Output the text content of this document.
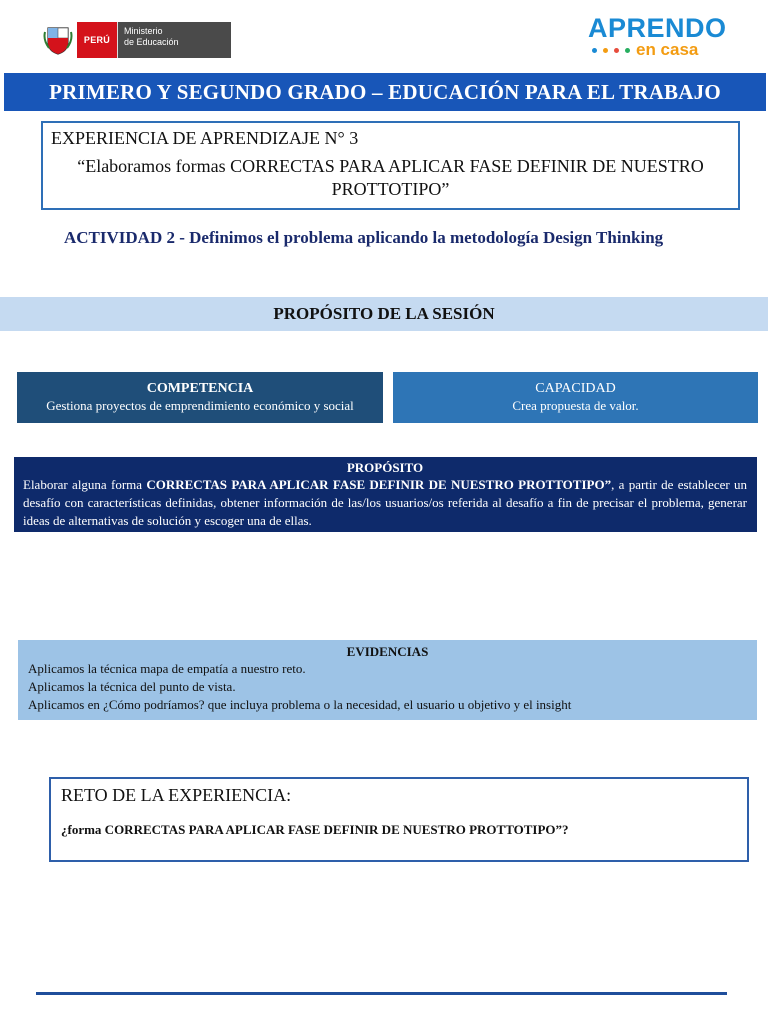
PERÚ
Ministerio
de Educación	APRENDO
en casa
PRIMERO Y SEGUNDO GRADO – EDUCACIÓN PARA EL TRABAJO
EXPERIENCIA DE APRENDIZAJE N° 3
“Elaboramos formas CORRECTAS PARA APLICAR FASE DEFINIR DE NUESTRO PROTTOTIPO”
ACTIVIDAD 2 - Definimos el problema aplicando la metodología Design Thinking
PROPÓSITO DE LA SESIÓN
COMPETENCIA
Gestiona proyectos de emprendimiento económico y social
CAPACIDAD
Crea propuesta de valor.
PROPÓSITO
Elaborar alguna forma CORRECTAS PARA APLICAR FASE DEFINIR DE NUESTRO PROTTOTIPO”, a partir de establecer un desafío con características definidas, obtener información de las/los usuarios/os referida al desafío a fin de precisar el problema, generar ideas de alternativas de solución y escoger una de ellas.
EVIDENCIAS
Aplicamos la técnica mapa de empatía a nuestro reto.
Aplicamos la técnica del punto de vista.
Aplicamos en ¿Cómo podríamos? que incluya problema o la necesidad, el usuario u objetivo y el insight
RETO DE LA EXPERIENCIA:
¿forma CORRECTAS PARA APLICAR FASE DEFINIR DE NUESTRO PROTTOTIPO”?
